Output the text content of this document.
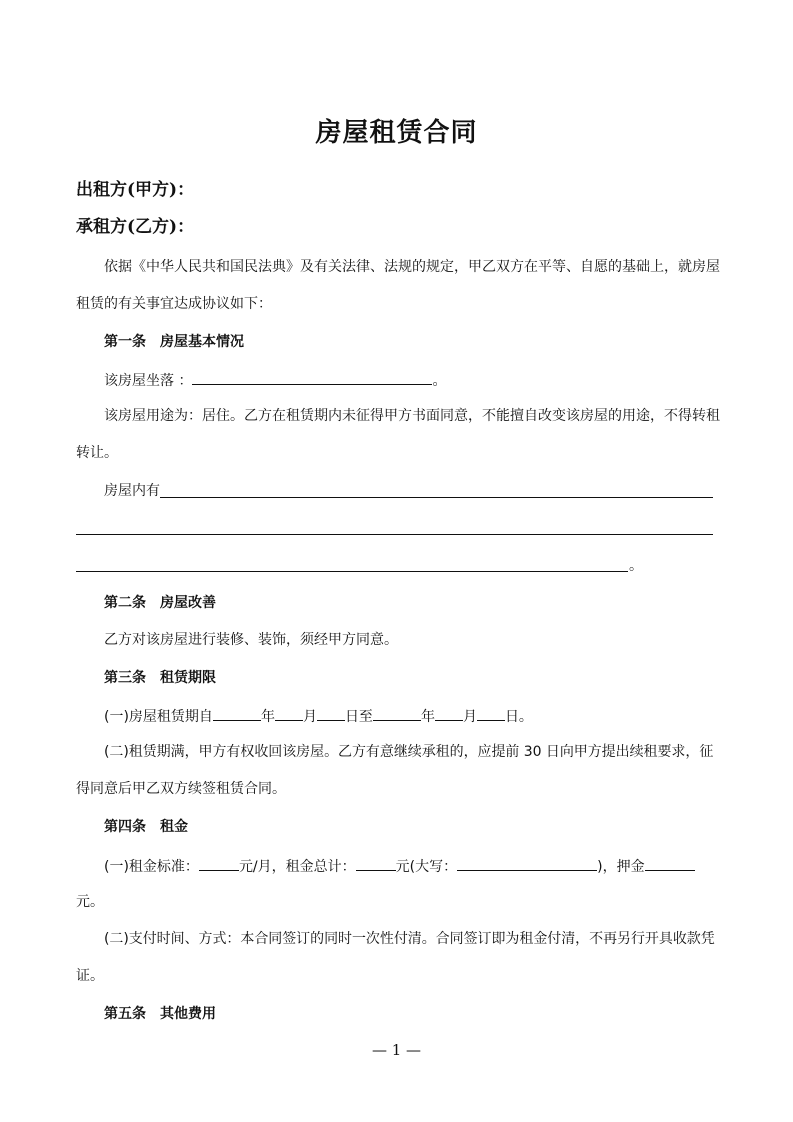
房屋租赁合同
出租方(甲方)：
承租方(乙方)：
依据《中华人民共和国民法典》及有关法律、法规的规定，甲乙双方在平等、自愿的基础上，就房屋
租赁的有关事宜达成协议如下：
第一条 房屋基本情况
该房屋坐落 ：	。
该房屋用途为：居住。乙方在租赁期内未征得甲方书面同意，不能擅自改变该房屋的用途，不得转租
转让。
房屋内有
。
第二条 房屋改善
乙方对该房屋进行装修、装饰，须经甲方同意。
第三条 租赁期限
(一)房屋租赁期自	年 月 日至	年 月 日。
(二)租赁期满，甲方有权收回该房屋。乙方有意继续承租的，应提前 30 日向甲方提出续租要求，征
得同意后甲乙双方续签租赁合同。
第四条 租金
(一)租金标准：	元/月，租金总计：	元(大写：	)，押金
元。
(二)支付时间、方式：本合同签订的同时一次性付清。合同签订即为租金付清，不再另行开具收款凭
证。
第五条 其他费用
— 1 —
